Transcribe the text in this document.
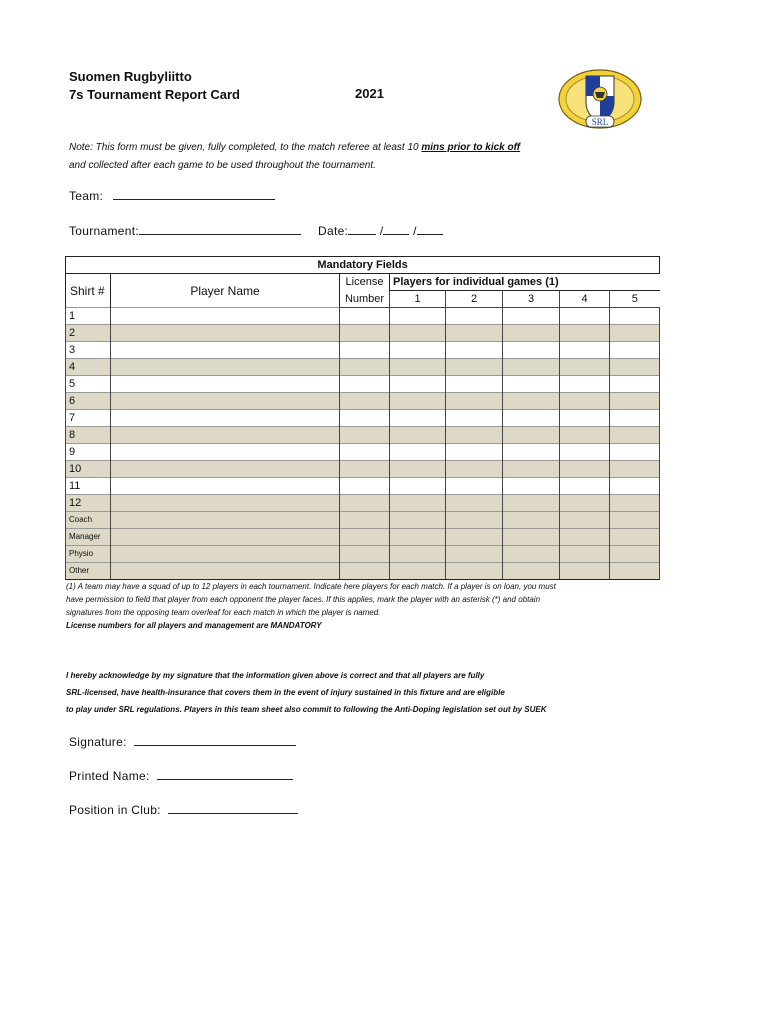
Suomen Rugbyliitto
7s Tournament Report Card	2021
SRL
Note: This form must be given, fully completed, to the match referee at least 10 mins prior to kick off
and collected after each game to be used throughout the tournament.
Team:
Tournament:	Date:	/ /
Mandatory Fields							
Shirt #	Player Name	License	Players for individual games (1)				
		Number	1	2	3	4	5
1							
2							
3							
4							
5							
6							
7							
8							
9							
10							
11							
12							
Coach							
Manager							
Physio							
Other							
(1) A team may have a squad of up to 12 players in each tournament. Indicate here players for each match. If a player is on loan, you must
have permission to field that player from each opponent the player faces. If this applies, mark the player with an asterisk (*) and obtain
signatures from the opposing team overleaf for each match in which the player is named.
License numbers for all players and management are MANDATORY
I hereby acknowledge by my signature that the information given above is correct and that all players are fully
SRL-licensed, have health-insurance that covers them in the event of injury sustained in this fixture and are eligible
to play under SRL regulations. Players in this team sheet also commit to following the Anti-Doping legislation set out by SUEK
Signature:
Printed Name:
Position in Club:
